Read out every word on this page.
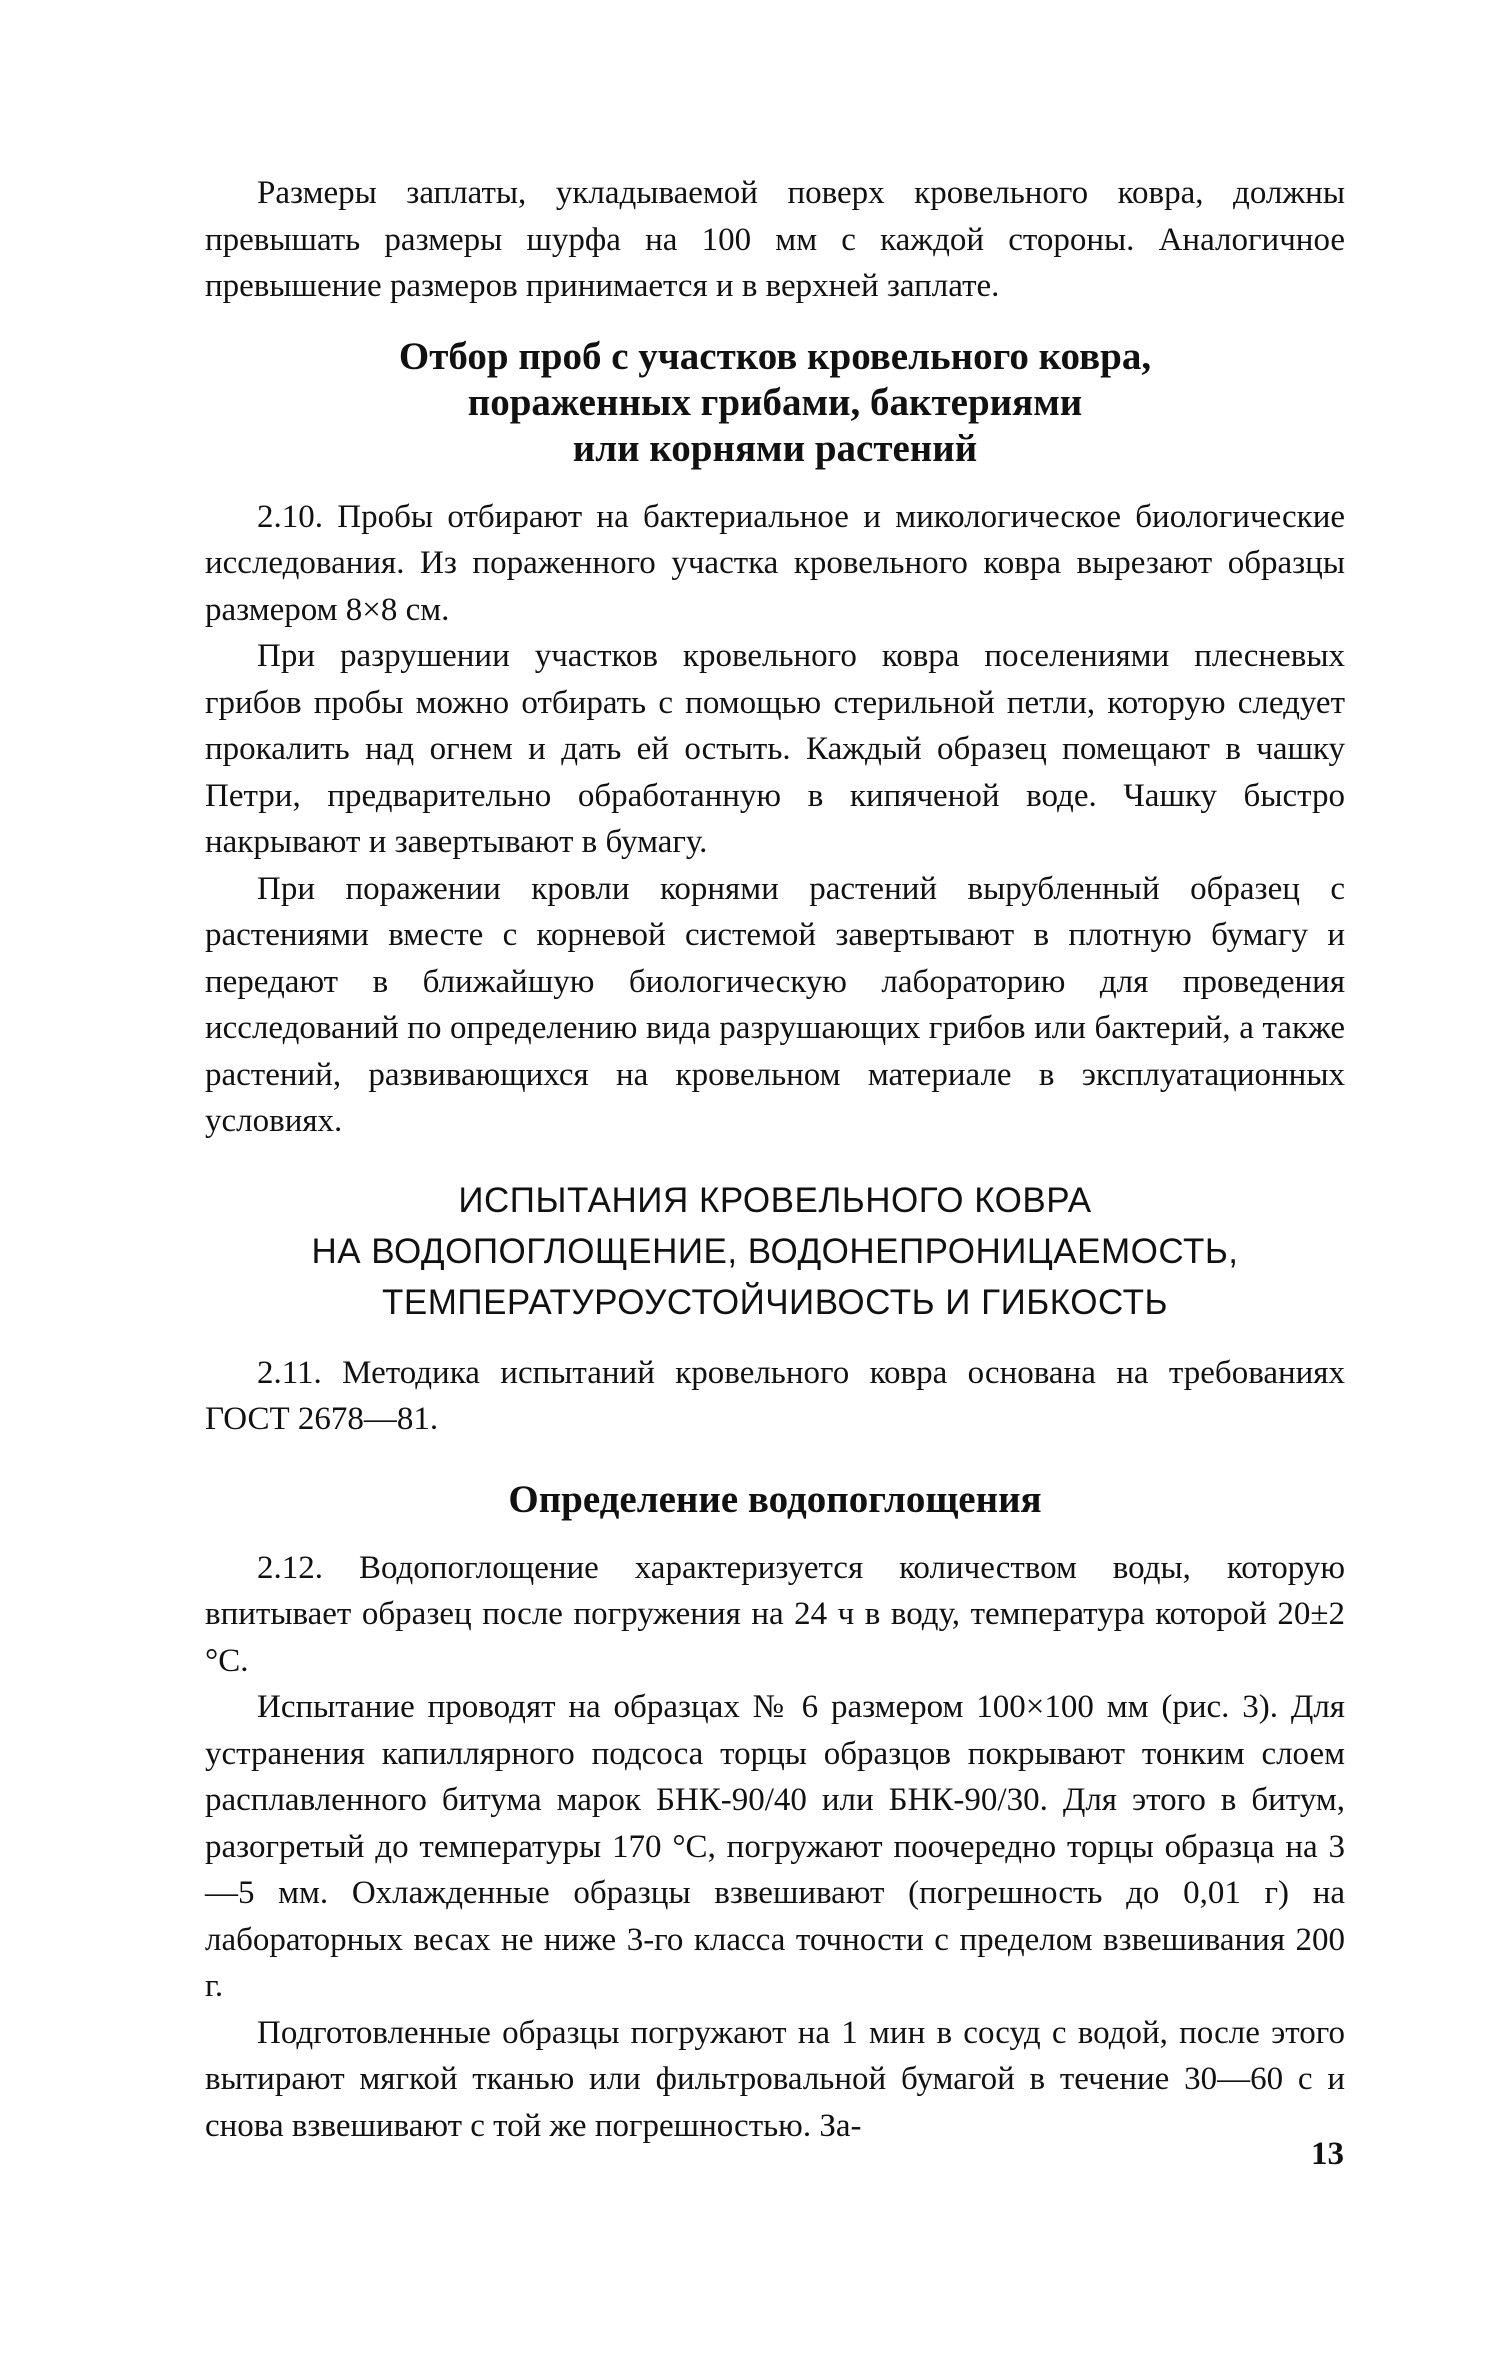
Размеры заплаты, укладываемой поверх кровельного ковра, должны превышать размеры шурфа на 100 мм с каждой стороны. Аналогичное превышение размеров принимается и в верхней заплате.

Отбор проб с участков кровельного ковра,
пораженных грибами, бактериями
или корнями растений

2.10. Пробы отбирают на бактериальное и микологическое биологические исследования. Из пораженного участка кровельного ковра вырезают образцы размером 8×8 см.

При разрушении участков кровельного ковра поселениями плесневых грибов пробы можно отбирать с помощью стерильной петли, которую следует прокалить над огнем и дать ей остыть. Каждый образец помещают в чашку Петри, предварительно обработанную в кипяченой воде. Чашку быстро накрывают и завертывают в бумагу.

При поражении кровли корнями растений вырубленный образец с растениями вместе с корневой системой завертывают в плотную бумагу и передают в ближайшую биологическую лабораторию для проведения исследований по определению вида разрушающих грибов или бактерий, а также растений, развивающихся на кровельном материале в эксплуатационных условиях.

ИСПЫТАНИЯ КРОВЕЛЬНОГО КОВРА
НА ВОДОПОГЛОЩЕНИЕ, ВОДОНЕПРОНИЦАЕМОСТЬ,
ТЕМПЕРАТУРОУСТОЙЧИВОСТЬ И ГИБКОСТЬ

2.11. Методика испытаний кровельного ковра основана на требованиях ГОСТ 2678—81.

Определение водопоглощения

2.12. Водопоглощение характеризуется количеством воды, которую впитывает образец после погружения на 24 ч в воду, температура которой 20±2 °С.

Испытание проводят на образцах № 6 размером 100×100 мм (рис. 3). Для устранения капиллярного подсоса торцы образцов покрывают тонким слоем расплавленного битума марок БНК-90/40 или БНК-90/30. Для этого в битум, разогретый до температуры 170 °С, погружают поочередно торцы образца на 3—5 мм. Охлажденные образцы взвешивают (погрешность до 0,01 г) на лабораторных весах не ниже 3-го класса точности с пределом взвешивания 200 г.

Подготовленные образцы погружают на 1 мин в сосуд с водой, после этого вытирают мягкой тканью или фильтровальной бумагой в течение 30—60 с и снова взвешивают с той же погрешностью. За-

13
